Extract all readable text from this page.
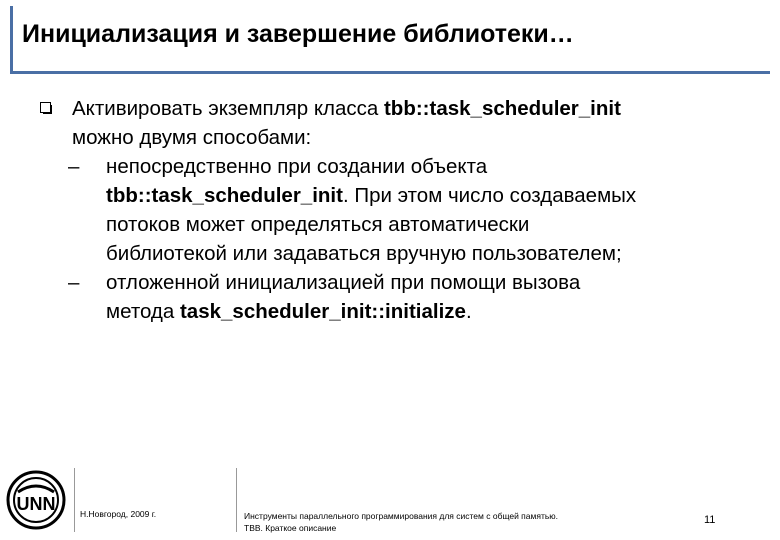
Инициализация и завершение библиотеки…
Активировать экземпляр класса tbb::task_scheduler_init
можно двумя способами:
– непосредственно при создании объекта
tbb::task_scheduler_init. При этом число создаваемых
потоков может определяться автоматически
библиотекой или задаваться вручную пользователем;
– отложенной инициализацией при помощи вызова
метода task_scheduler_init::initialize.
UNN	Н.Новгород, 2009 г.	Инструменты параллельного программирования для систем с общей памятью.
TBB. Краткое описание
11
